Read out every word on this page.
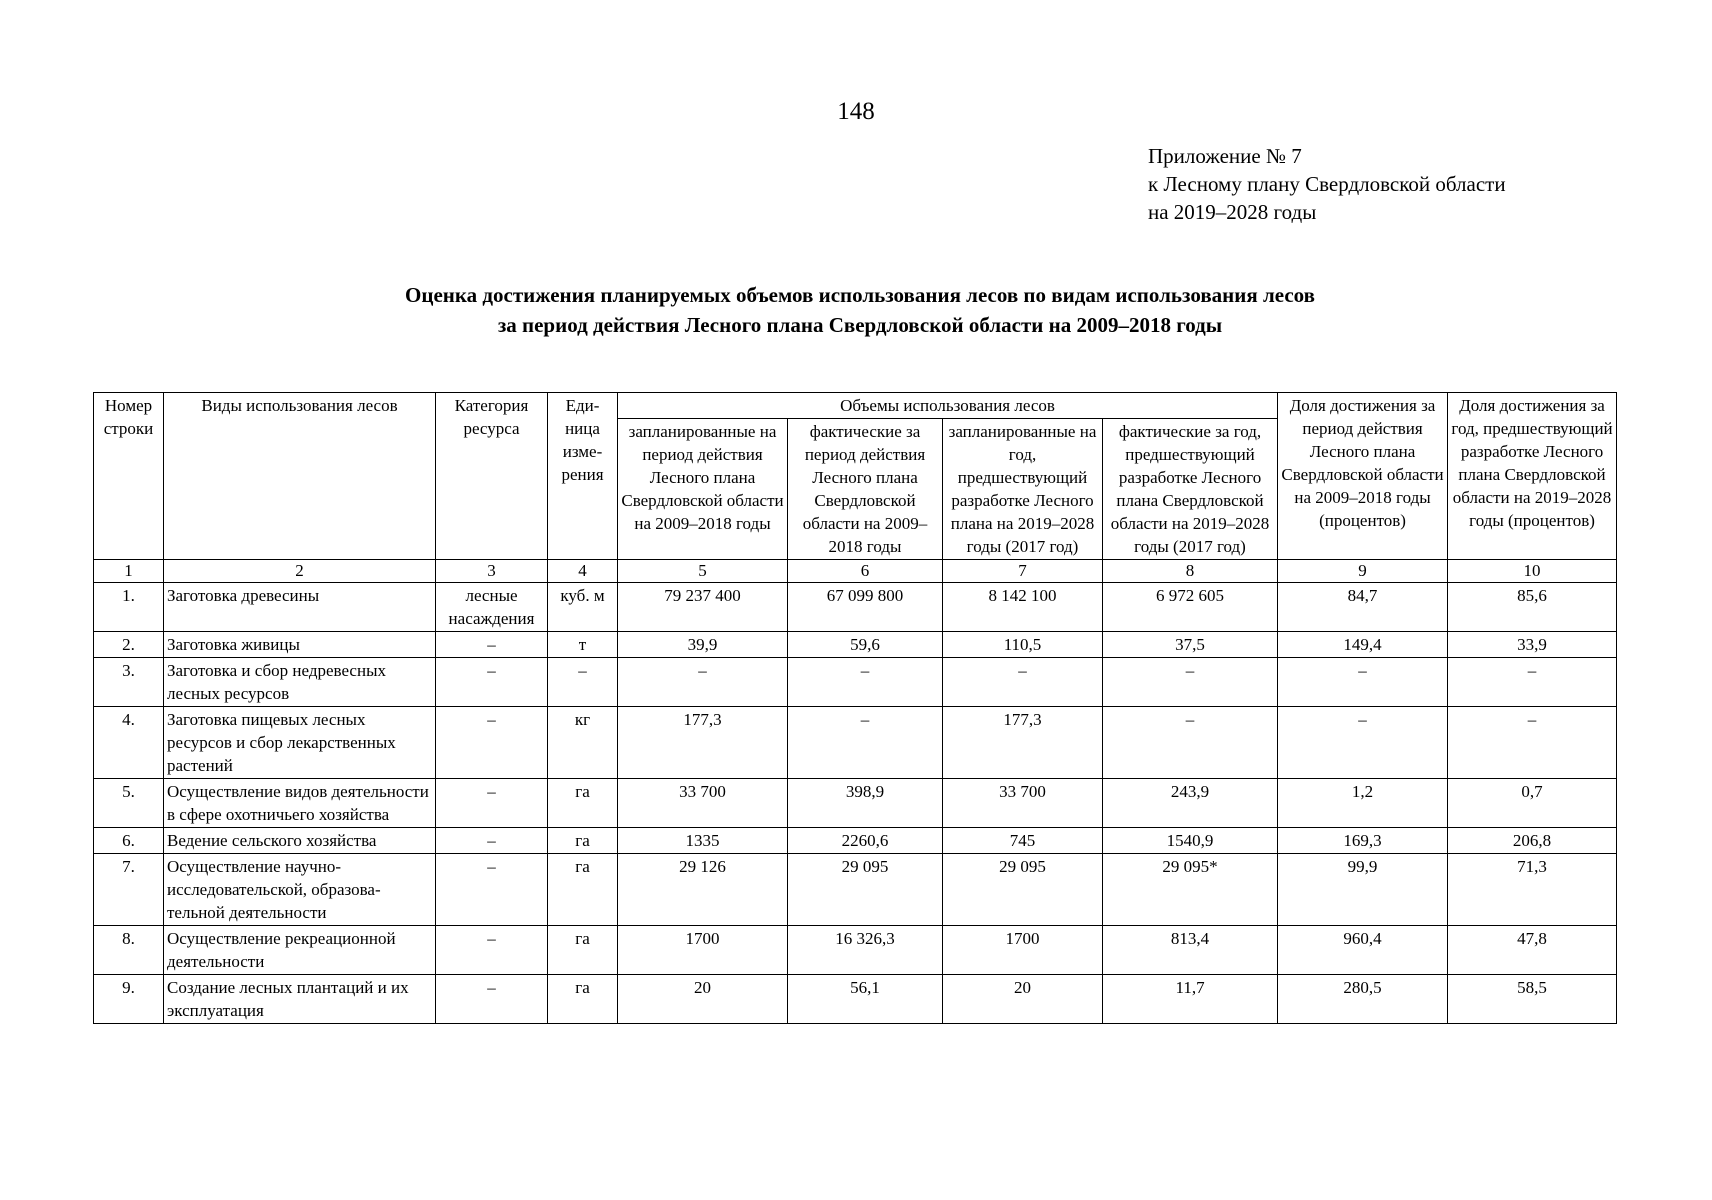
148
Приложение № 7
к Лесному плану Свердловской области
на 2019–2028 годы
Оценка достижения планируемых объемов использования лесов по видам использования лесов
за период действия Лесного плана Свердловской области на 2009–2018 годы
Номер строки	Виды использования лесов	Категория ресурса	Еди-ница изме-рения	Объемы использования лесов				Доля достижения за период действия Лесного плана Свердловской области на 2009–2018 годы (процентов)	Доля достижения за год, предшествующий разработке Лесного плана Свердловской области на 2019–2028 годы (процентов)
				запланированные на период действия Лесного плана Свердловской области на 2009–2018 годы	фактические за период действия Лесного плана Свердловской области на 2009–2018 годы	запланированные на год, предшествующий разработке Лесного плана на 2019–2028 годы (2017 год)	фактические за год, предшествующий разработке Лесного плана Свердловской области на 2019–2028 годы (2017 год)		
1	2	3	4	5	6	7	8	9	10
1.	Заготовка древесины	лесные насаждения	куб. м	79 237 400	67 099 800	8 142 100	6 972 605	84,7	85,6
2.	Заготовка живицы	–	т	39,9	59,6	110,5	37,5	149,4	33,9
3.	Заготовка и сбор недревесных лесных ресурсов	–	–	–	–	–	–	–	–
4.	Заготовка пищевых лесных ресурсов и сбор лекарственных растений	–	кг	177,3	–	177,3	–	–	–
5.	Осуществление видов деятельности в сфере охотничьего хозяйства	–	га	33 700	398,9	33 700	243,9	1,2	0,7
6.	Ведение сельского хозяйства	–	га	1335	2260,6	745	1540,9	169,3	206,8
7.	Осуществление научно-исследовательской, образова-тельной деятельности	–	га	29 126	29 095	29 095	29 095*	99,9	71,3
8.	Осуществление рекреационной деятельности	–	га	1700	16 326,3	1700	813,4	960,4	47,8
9.	Создание лесных плантаций и их эксплуатация	–	га	20	56,1	20	11,7	280,5	58,5
